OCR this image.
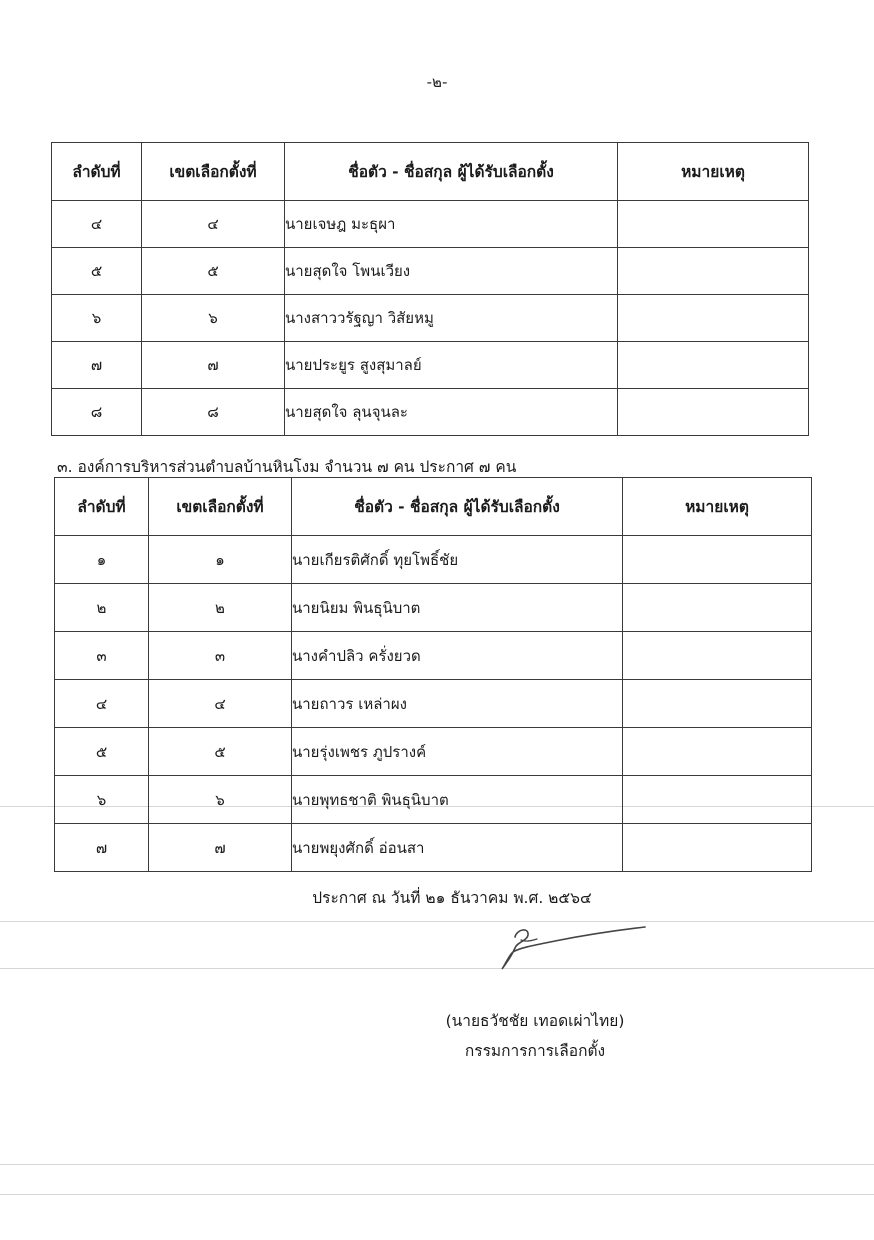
-๒-
ลำดับที่	เขตเลือกตั้งที่	ชื่อตัว - ชื่อสกุล ผู้ได้รับเลือกตั้ง	หมายเหตุ
๔	๔	นายเจษฎ มะธุผา	
๕	๕	นายสุดใจ โพนเวียง	
๖	๖	นางสาววรัฐญา วิสัยหมู	
๗	๗	นายประยูร สูงสุมาลย์	
๘	๘	นายสุดใจ ลุนจุนละ	
๓. องค์การบริหารส่วนตำบลบ้านหินโงม จำนวน ๗ คน ประกาศ ๗ คน
ลำดับที่	เขตเลือกตั้งที่	ชื่อตัว - ชื่อสกุล ผู้ได้รับเลือกตั้ง	หมายเหตุ
๑	๑	นายเกียรติศักดิ์ ทุยโพธิ์ชัย	
๒	๒	นายนิยม พินธุนิบาต	
๓	๓	นางคำปลิว ครั่งยวด	
๔	๔	นายถาวร เหล่าผง	
๕	๕	นายรุ่งเพชร ภูปรางค์	
๖	๖	นายพุทธชาติ พินธุนิบาต	
๗	๗	นายพยุงศักดิ์ อ่อนสา	
ประกาศ ณ วันที่ ๒๑ ธันวาคม พ.ศ. ๒๕๖๔
(นายธวัชชัย เทอดเผ่าไทย)
กรรมการการเลือกตั้ง
